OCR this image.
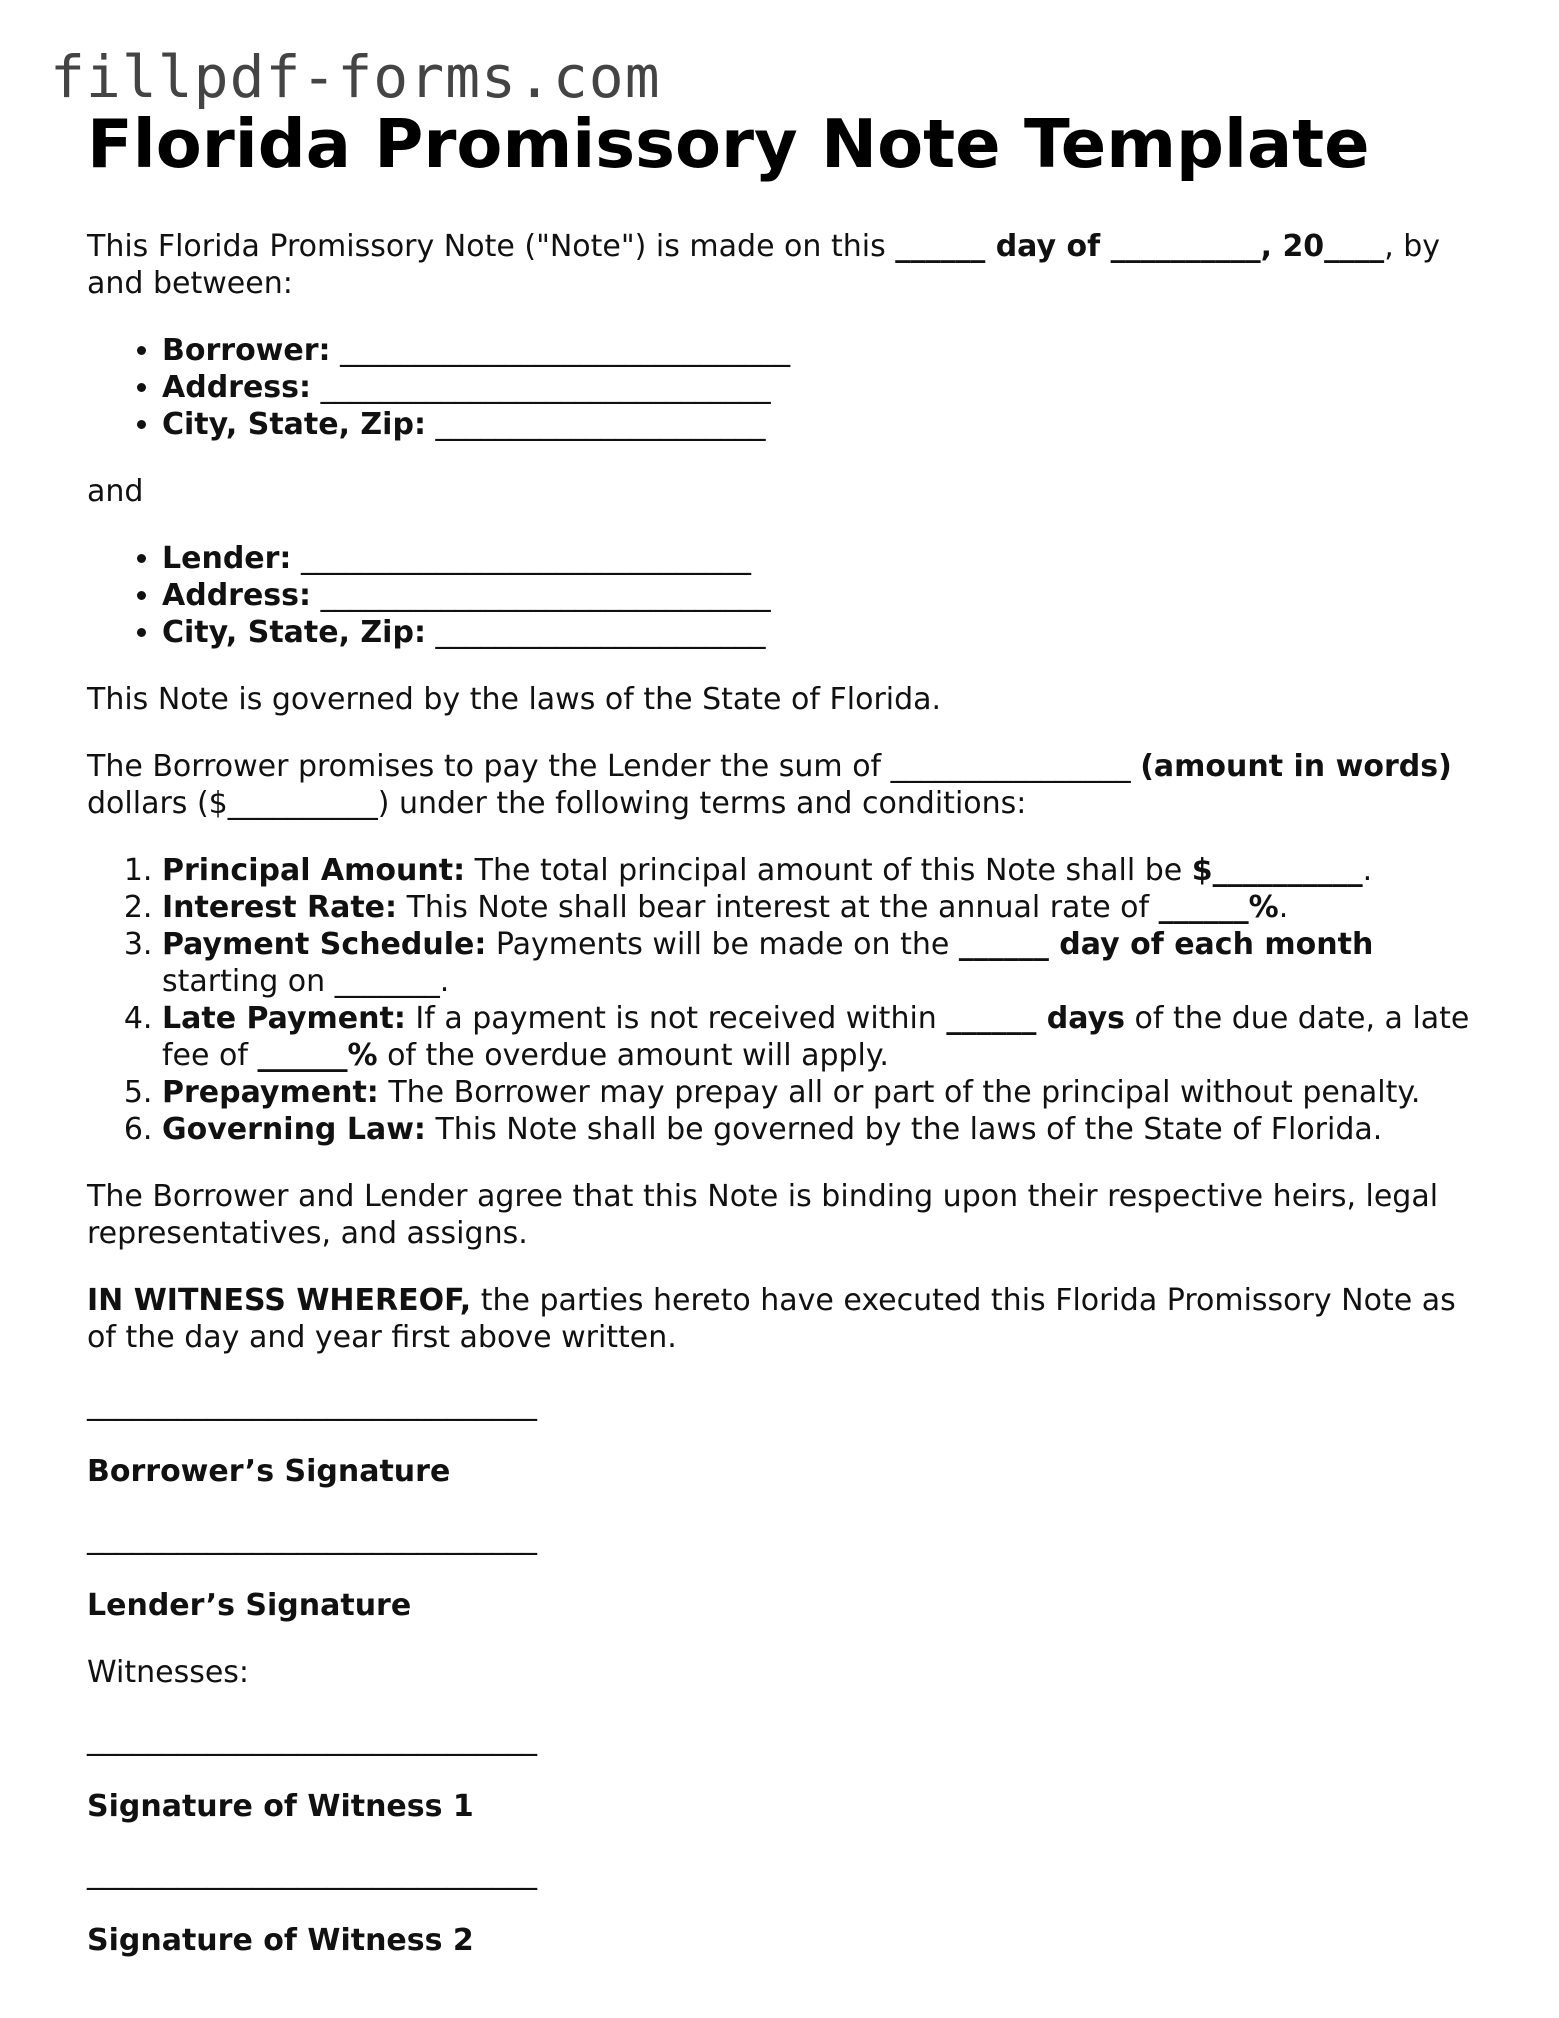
fillpdf-forms.com
Florida Promissory Note Template

This Florida Promissory Note ("Note") is made on this ______ day of __________, 20____, by and between:

• Borrower: ______________________________
• Address: ______________________________
• City, State, Zip: ______________________

and

• Lender: ______________________________
• Address: ______________________________
• City, State, Zip: ______________________

This Note is governed by the laws of the State of Florida.

The Borrower promises to pay the Lender the sum of ________________ (amount in words) dollars ($__________) under the following terms and conditions:

1. Principal Amount: The total principal amount of this Note shall be $__________.
2. Interest Rate: This Note shall bear interest at the annual rate of ______%.
3. Payment Schedule: Payments will be made on the ______ day of each month starting on _______.
4. Late Payment: If a payment is not received within ______ days of the due date, a late fee of ______% of the overdue amount will apply.
5. Prepayment: The Borrower may prepay all or part of the principal without penalty.
6. Governing Law: This Note shall be governed by the laws of the State of Florida.

The Borrower and Lender agree that this Note is binding upon their respective heirs, legal representatives, and assigns.

IN WITNESS WHEREOF, the parties hereto have executed this Florida Promissory Note as of the day and year first above written.

______________________________

Borrower’s Signature

______________________________

Lender’s Signature

Witnesses:

______________________________

Signature of Witness 1

______________________________

Signature of Witness 2
